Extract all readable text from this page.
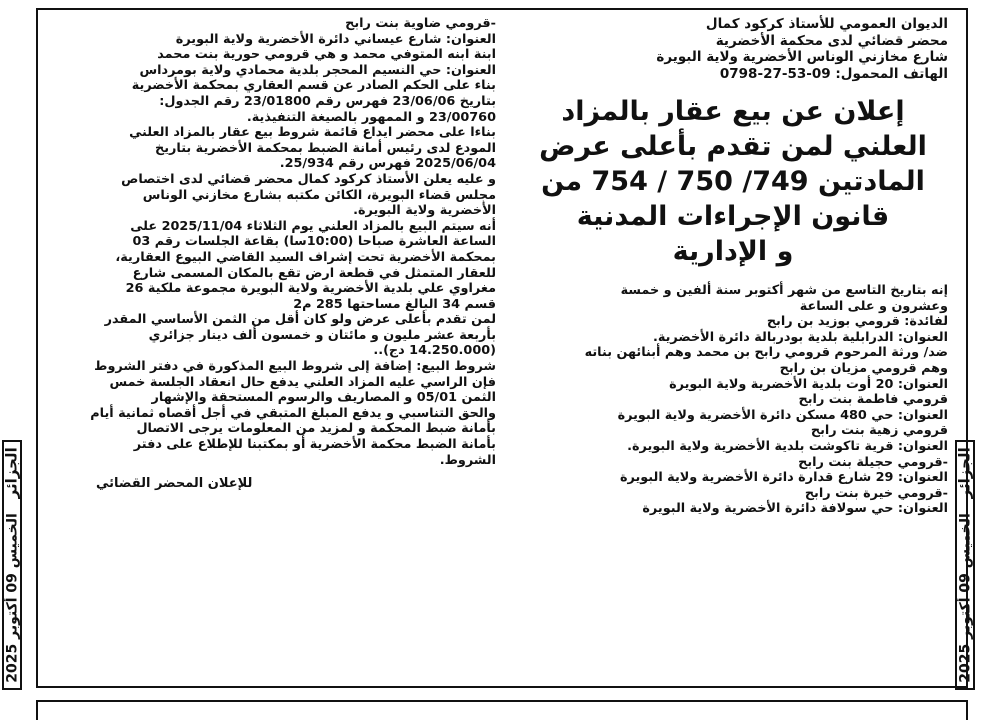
الجزائر الخميس 09 أكتوبر 2025
الجزائر الخميس 09 أكتوبر 2025
الديوان العمومي للأستاذ كركود كمال
محضر قضائي لدى محكمة الأخضرية
شارع مخازني الوناس الأخضرية ولاية البويرة
الهاتف المحمول: 09-53-27-0798
إعلان عن بيع عقار بالمزاد
العلني لمن تقدم بأعلى عرض
المادتين 749/ 750 / 754 من
قانون الإجراءات المدنية
و الإدارية
إنه بتاريخ التاسع من شهر أكتوبر سنة ألفين و خمسة
وعشرون و على الساعة
لفائدة: قرومي بوزيد بن رابح
العنوان: الدرابلية بلدية بودربالة دائرة الأخضرية.
ضد/ ورثة المرحوم قرومي رابح بن محمد وهم أبنائهن بناته
وهم قرومي مزيان بن رابح
العنوان: 20 أوت بلدية الأخضرية ولاية البويرة
قرومي فاطمة بنت رابح
العنوان: حي 480 مسكن دائرة الأخضرية ولاية البويرة
قرومي زهية بنت رابح
العنوان: قرية تاكوشت بلدية الأخضرية ولاية البويرة.
-قرومي حجيلة بنت رابح
العنوان: 29 شارع قدارة دائرة الأخضرية ولاية البويرة
-قرومي خيرة بنت رابح
العنوان: حي سولافة دائرة الأخضرية ولاية البويرة
-قرومي ضاوية بنت رابح
العنوان: شارع عيساني دائرة الأخضرية ولاية البويرة
ابنة ابنه المتوفي محمد و هي قرومي حورية بنت محمد
العنوان: حي النسيم المحجر بلدية محمادي ولاية بومرداس
بناء على الحكم الصادر عن قسم العقاري بمحكمة الأخضرية
بتاريخ 23/06/06 فهرس رقم 23/01800 رقم الجدول:
23/00760 و الممهور بالصيغة التنفيذية.
بناءا على محضر ايداع قائمة شروط بيع عقار بالمزاد العلني
المودع لدى رئيس أمانة الضبط بمحكمة الأخضرية بتاريخ
2025/06/04 فهرس رقم 25/934.
و عليه يعلن الأستاذ كركود كمال محضر قضائي لدى اختصاص
مجلس قضاء البويرة، الكائن مكتبه بشارع مخازني الوناس
الأخضرية ولاية البويرة.
أنه سيتم البيع بالمزاد العلني يوم الثلاثاء 2025/11/04 على
الساعة العاشرة صباحا (10:00سا) بقاعة الجلسات رقم 03
بمحكمة الأخضرية تحت إشراف السيد القاضي البيوع العقارية،
للعقار المتمثل في قطعة ارض تقع بالمكان المسمى شارع
مغراوي علي بلدية الأخضرية ولاية البويرة مجموعة ملكية 26
قسم 34 البالغ مساحتها 285 م2
لمن تقدم بأعلى عرض ولو كان أقل من الثمن الأساسي المقدر
بأربعة عشر مليون و مائتان و خمسون ألف دينار جزائري
(14.250.000 دج)..
شروط البيع: إضافة إلى شروط البيع المذكورة في دفتر الشروط
فإن الراسي عليه المزاد العلني يدفع حال انعقاد الجلسة خمس
الثمن 05/01 و المصاريف والرسوم المستحقة والإشهار
والحق التناسبي و يدفع المبلغ المتبقي في أجل أقصاه ثمانية أيام
بأمانة ضبط المحكمة و لمزيد من المعلومات يرجى الاتصال
بأمانة الضبط محكمة الأخضرية أو بمكتبنا للإطلاع على دفتر
الشروط.
للإعلان المحضر القضائي
